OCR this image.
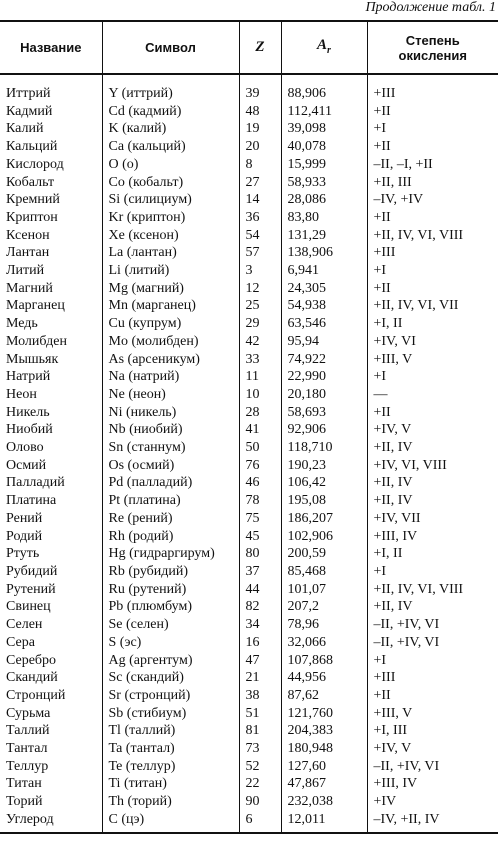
Продолжение табл. 1
Название	Символ	Z	$A_r$	Степень окисления
Иттрий	Y (иттрий)	39	88,906	+III
Кадмий	Cd (кадмий)	48	112,411	+II
Калий	K (калий)	19	39,098	+I
Кальций	Ca (кальций)	20	40,078	+II
Кислород	O (о)	8	15,999	–II, –I, +II
Кобальт	Co (кобальт)	27	58,933	+II, III
Кремний	Si (силициум)	14	28,086	–IV, +IV
Криптон	Kr (криптон)	36	83,80	+II
Ксенон	Xe (ксенон)	54	131,29	+II, IV, VI, VIII
Лантан	La (лантан)	57	138,906	+III
Литий	Li (литий)	3	6,941	+I
Магний	Mg (магний)	12	24,305	+II
Марганец	Mn (марганец)	25	54,938	+II, IV, VI, VII
Медь	Cu (купрум)	29	63,546	+I, II
Молибден	Mo (молибден)	42	95,94	+IV, VI
Мышьяк	As (арсеникум)	33	74,922	+III, V
Натрий	Na (натрий)	11	22,990	+I
Неон	Ne (неон)	10	20,180	—
Никель	Ni (никель)	28	58,693	+II
Ниобий	Nb (ниобий)	41	92,906	+IV, V
Олово	Sn (станнум)	50	118,710	+II, IV
Осмий	Os (осмий)	76	190,23	+IV, VI, VIII
Палладий	Pd (палладий)	46	106,42	+II, IV
Платина	Pt (платина)	78	195,08	+II, IV
Рений	Re (рений)	75	186,207	+IV, VII
Родий	Rh (родий)	45	102,906	+III, IV
Ртуть	Hg (гидраргирум)	80	200,59	+I, II
Рубидий	Rb (рубидий)	37	85,468	+I
Рутений	Ru (рутений)	44	101,07	+II, IV, VI, VIII
Свинец	Pb (плюмбум)	82	207,2	+II, IV
Селен	Se (селен)	34	78,96	–II, +IV, VI
Сера	S (эс)	16	32,066	–II, +IV, VI
Серебро	Ag (аргентум)	47	107,868	+I
Скандий	Sc (скандий)	21	44,956	+III
Стронций	Sr (стронций)	38	87,62	+II
Сурьма	Sb (стибиум)	51	121,760	+III, V
Таллий	Tl (таллий)	81	204,383	+I, III
Тантал	Ta (тантал)	73	180,948	+IV, V
Теллур	Te (теллур)	52	127,60	–II, +IV, VI
Титан	Ti (титан)	22	47,867	+III, IV
Торий	Th (торий)	90	232,038	+IV
Углерод	C (цэ)	6	12,011	–IV, +II, IV
